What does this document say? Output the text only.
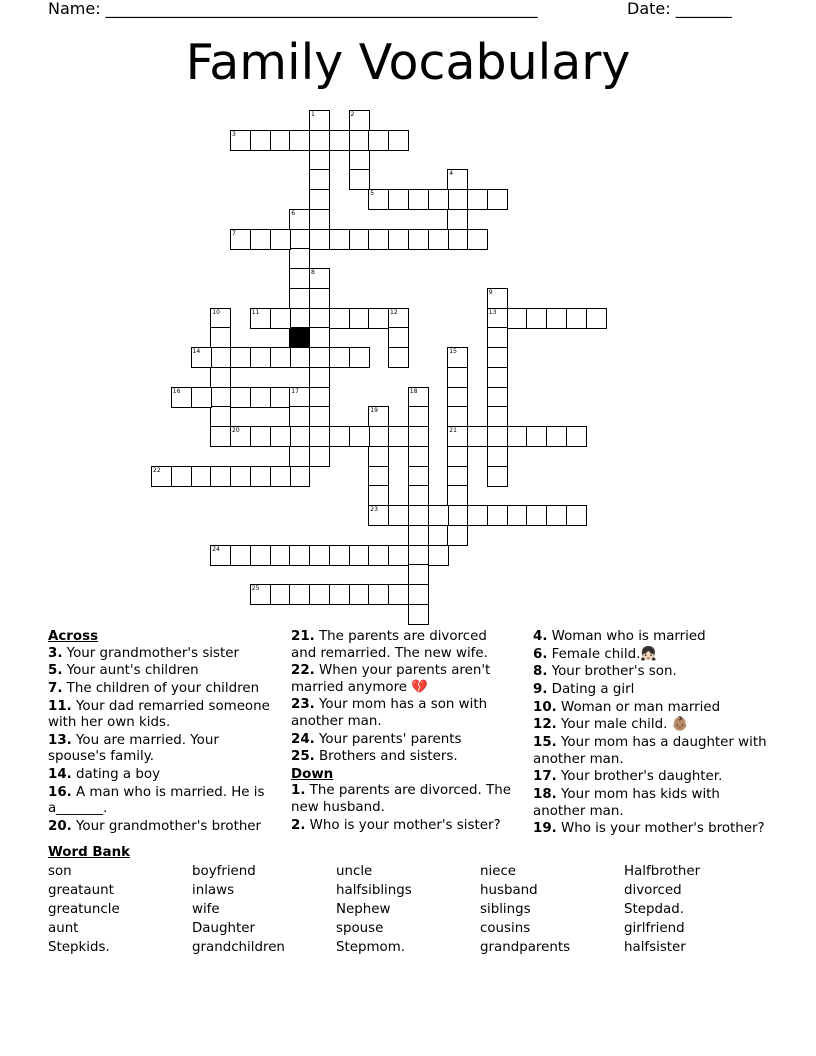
Name: ______________________________________________________	Date: _______
Family Vocabulary
1	2
3
4
5
6
7
8
9
13
10	11	12
14	15
21
16	17	18
19
20
22
23
24
25
Across
3. Your grandmother's sister
5. Your aunt's children
7. The children of your children
11. Your dad remarried someone with her own kids.
13. You are married. Your spouse's family.
14. dating a boy
16. A man who is married. He is a_______.
20. Your grandmother's brother
21. The parents are divorced and remarried. The new wife.
22. When your parents aren't married anymore 💔
23. Your mom has a son with another man.
24. Your parents' parents
25. Brothers and sisters.
Down
1. The parents are divorced. The new husband.
2. Who is your mother's sister?
4. Woman who is married
6. Female child.👧🏻
8. Your brother's son.
9. Dating a girl
10. Woman or man married
12. Your male child. 👶🏽
15. Your mom has a daughter with another man.
17. Your brother's daughter.
18. Your mom has kids with another man.
19. Who is your mother's brother?
Word Bank
son	boyfriend	uncle	niece	Halfbrother
greataunt	inlaws	halfsiblings	husband	divorced
greatuncle	wife	Nephew	siblings	Stepdad.
aunt	Daughter	spouse	cousins	girlfriend
Stepkids.	grandchildren	Stepmom.	grandparents	halfsister
